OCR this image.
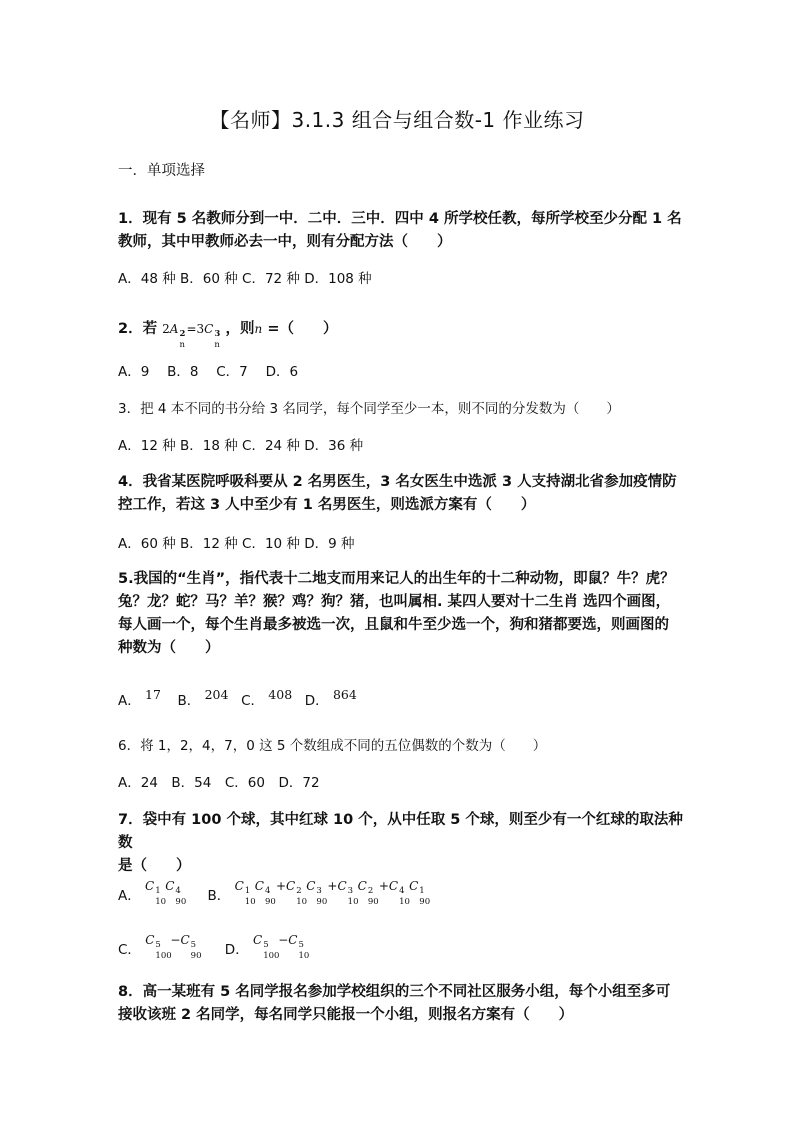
【名师】3.1.3 组合与组合数-1 作业练习
一．单项选择
1．现有 5 名教师分到一中．二中．三中．四中 4 所学校任教，每所学校至少分配 1 名
教师，其中甲教师必去一中，则有分配方法（　　）
A．48 种 B．60 种 C．72 种 D．108 种
2．若 2A 2
n
=3C 3
n
，则n =（　　）
A．9　 B．8　 C．7　 D．6
3．把 4 本不同的书分给 3 名同学，每个同学至少一本，则不同的分发数为（　　）
A．12 种 B．18 种 C．24 种 D．36 种
4．我省某医院呼吸科要从 2 名男医生，3 名女医生中选派 3 人支持湖北省参加疫情防
控工作，若这 3 人中至少有 1 名男医生，则选派方案有（　　）
A．60 种 B．12 种 C．10 种 D．9 种
5.我国的“生肖”，指代表十二地支而用来记人的出生年的十二种动物，即鼠？牛？虎？
兔？龙？蛇？马？羊？猴？鸡？狗？猪，也叫属相. 某四人要对十二生肖 选四个画图，
每人画一个，每个生肖最多被选一次，且鼠和牛至少选一个，狗和猪都要选，则画图的
种数为（　　）
A． 17 B． 204 C． 408 D． 864
6．将 1，2，4，7，0 这 5 个数组成不同的五位偶数的个数为（　　）
A．24　B．54　C．60　D．72
7．袋中有 100 个球，其中红球 10 个，从中任取 5 个球，则至少有一个红球的取法种数
是（　　）
A． C 1
10
C 4
90 B． C 1
10
C 4
90
+C 2
10
C 3
90
+C 3
10
C 2
90
+C 4
10
C 1
90
C． C 5
100
−C 5
90 D． C 5
100
−C 5
10
8．高一某班有 5 名同学报名参加学校组织的三个不同社区服务小组，每个小组至多可
接收该班 2 名同学，每名同学只能报一个小组，则报名方案有（　　）
